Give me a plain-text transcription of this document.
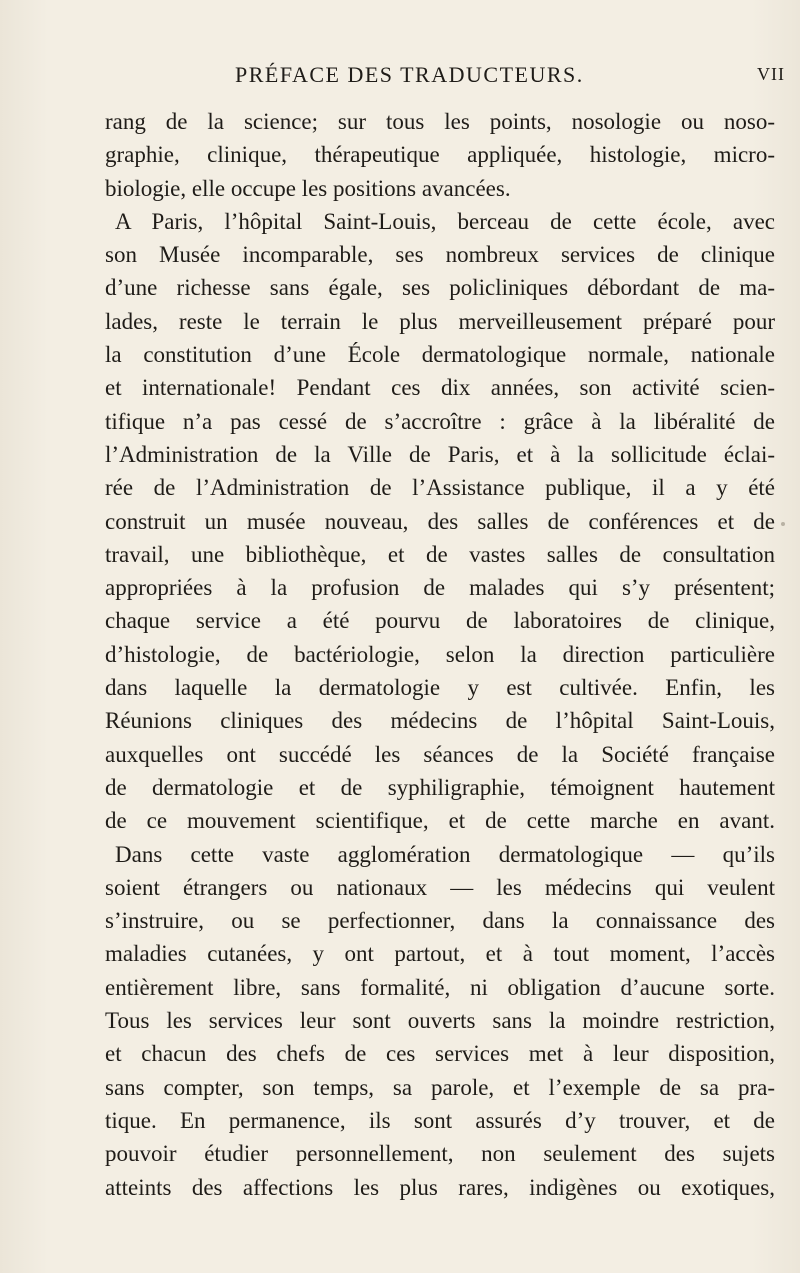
PRÉFACE DES TRADUCTEURS.	VII
rang de la science; sur tous les points, nosologie ou noso-
graphie, clinique, thérapeutique appliquée, histologie, micro-
biologie, elle occupe les positions avancées.
A Paris, l’hôpital Saint-Louis, berceau de cette école, avec
son Musée incomparable, ses nombreux services de clinique
d’une richesse sans égale, ses policliniques débordant de ma-
lades, reste le terrain le plus merveilleusement préparé pour
la constitution d’une École dermatologique normale, nationale
et internationale! Pendant ces dix années, son activité scien-
tifique n’a pas cessé de s’accroître : grâce à la libéralité de
l’Administration de la Ville de Paris, et à la sollicitude éclai-
rée de l’Administration de l’Assistance publique, il a y été
construit un musée nouveau, des salles de conférences et de
travail, une bibliothèque, et de vastes salles de consultation
appropriées à la profusion de malades qui s’y présentent;
chaque service a été pourvu de laboratoires de clinique,
d’histologie, de bactériologie, selon la direction particulière
dans laquelle la dermatologie y est cultivée. Enfin, les
Réunions cliniques des médecins de l’hôpital Saint-Louis,
auxquelles ont succédé les séances de la Société française
de dermatologie et de syphiligraphie, témoignent hautement
de ce mouvement scientifique, et de cette marche en avant.
Dans cette vaste agglomération dermatologique — qu’ils
soient étrangers ou nationaux — les médecins qui veulent
s’instruire, ou se perfectionner, dans la connaissance des
maladies cutanées, y ont partout, et à tout moment, l’accès
entièrement libre, sans formalité, ni obligation d’aucune sorte.
Tous les services leur sont ouverts sans la moindre restriction,
et chacun des chefs de ces services met à leur disposition,
sans compter, son temps, sa parole, et l’exemple de sa pra-
tique. En permanence, ils sont assurés d’y trouver, et de
pouvoir étudier personnellement, non seulement des sujets
atteints des affections les plus rares, indigènes ou exotiques,
